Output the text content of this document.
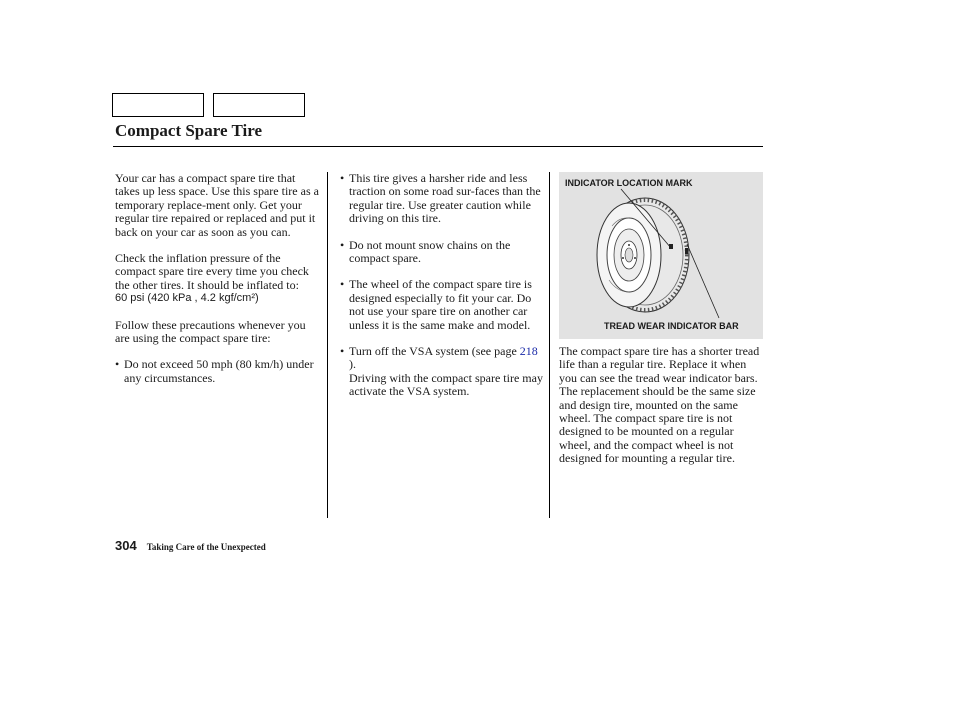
Compact Spare Tire

Your car has a compact spare tire that takes up less space. Use this spare tire as a temporary replace-ment only. Get your regular tire repaired or replaced and put it back on your car as soon as you can.

Check the inflation pressure of the compact spare tire every time you check the other tires. It should be inflated to:

60 psi (420 kPa , 4.2 kgf/cm²)

Follow these precautions whenever you are using the compact spare tire:

• Do not exceed 50 mph (80 km/h) under any circumstances.

• This tire gives a harsher ride and less traction on some road sur-faces than the regular tire. Use greater caution while driving on this tire.

• Do not mount snow chains on the compact spare.

• The wheel of the compact spare tire is designed especially to fit your car. Do not use your spare tire on another car unless it is the same make and model.

• Turn off the VSA system (see page 218 ).
Driving with the compact spare tire may activate the VSA system.

INDICATOR LOCATION MARK
TREAD WEAR INDICATOR BAR

The compact spare tire has a shorter tread life than a regular tire. Replace it when you can see the tread wear indicator bars. The replacement should be the same size and design tire, mounted on the same wheel. The compact spare tire is not designed to be mounted on a regular wheel, and the compact wheel is not designed for mounting a regular tire.

304 Taking Care of the Unexpected
